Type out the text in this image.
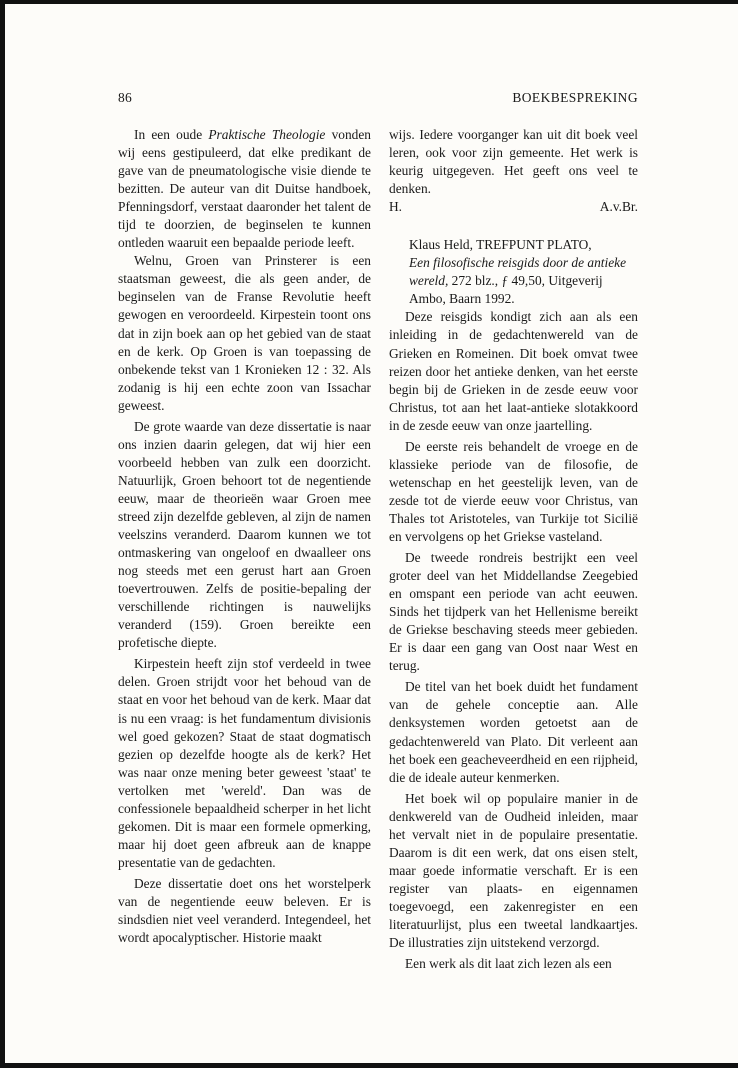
86	BOEKBESPREKING

In een oude Praktische Theologie vonden wij eens gestipuleerd, dat elke predikant de gave van de pneumatologische visie diende te bezitten. De auteur van dit Duitse handboek, Pfenningsdorf, verstaat daaronder het talent de tijd te doorzien, de beginselen te kunnen ontleden waaruit een bepaalde periode leeft.

Welnu, Groen van Prinsterer is een staatsman geweest, die als geen ander, de beginselen van de Franse Revolutie heeft gewogen en veroordeeld. Kirpestein toont ons dat in zijn boek aan op het gebied van de staat en de kerk. Op Groen is van toepassing de onbekende tekst van 1 Kronieken 12 : 32. Als zodanig is hij een echte zoon van Issachar geweest.

De grote waarde van deze dissertatie is naar ons inzien daarin gelegen, dat wij hier een voorbeeld hebben van zulk een doorzicht. Natuurlijk, Groen behoort tot de negentiende eeuw, maar de theorieën waar Groen mee streed zijn dezelfde gebleven, al zijn de namen veelszins veranderd. Daarom kunnen we tot ontmaskering van ongeloof en dwaalleer ons nog steeds met een gerust hart aan Groen toevertrouwen. Zelfs de positie-bepaling der verschillende richtingen is nauwelijks veranderd (159). Groen bereikte een profetische diepte.

Kirpestein heeft zijn stof verdeeld in twee delen. Groen strijdt voor het behoud van de staat en voor het behoud van de kerk. Maar dat is nu een vraag: is het fundamentum divisionis wel goed gekozen? Staat de staat dogmatisch gezien op dezelfde hoogte als de kerk? Het was naar onze mening beter geweest 'staat' te vertolken met 'wereld'. Dan was de confessionele bepaaldheid scherper in het licht gekomen. Dit is maar een formele opmerking, maar hij doet geen afbreuk aan de knappe presentatie van de gedachten.

Deze dissertatie doet ons het worstelperk van de negentiende eeuw beleven. Er is sindsdien niet veel veranderd. Integendeel, het wordt apocalyptischer. Historie maakt

wijs. Iedere voorganger kan uit dit boek veel leren, ook voor zijn gemeente. Het werk is keurig uitgegeven. Het geeft ons veel te denken.

H.	A.v.Br.

Klaus Held, TREFPUNT PLATO,

Een filosofische reisgids door de antieke wereld, 272 blz., ƒ 49,50, Uitgeverij Ambo, Baarn 1992.

Deze reisgids kondigt zich aan als een inleiding in de gedachtenwereld van de Grieken en Romeinen. Dit boek omvat twee reizen door het antieke denken, van het eerste begin bij de Grieken in de zesde eeuw voor Christus, tot aan het laat-antieke slotakkoord in de zesde eeuw van onze jaartelling.

De eerste reis behandelt de vroege en de klassieke periode van de filosofie, de wetenschap en het geestelijk leven, van de zesde tot de vierde eeuw voor Christus, van Thales tot Aristoteles, van Turkije tot Sicilië en vervolgens op het Griekse vasteland.

De tweede rondreis bestrijkt een veel groter deel van het Middellandse Zeegebied en omspant een periode van acht eeuwen. Sinds het tijdperk van het Hellenisme bereikt de Griekse beschaving steeds meer gebieden. Er is daar een gang van Oost naar West en terug.

De titel van het boek duidt het fundament van de gehele conceptie aan. Alle denksystemen worden getoetst aan de gedachtenwereld van Plato. Dit verleent aan het boek een geacheveerdheid en een rijpheid, die de ideale auteur kenmerken.

Het boek wil op populaire manier in de denkwereld van de Oudheid inleiden, maar het vervalt niet in de populaire presentatie. Daarom is dit een werk, dat ons eisen stelt, maar goede informatie verschaft. Er is een register van plaats- en eigennamen toegevoegd, een zakenregister en een literatuurlijst, plus een tweetal landkaartjes. De illustraties zijn uitstekend verzorgd.

Een werk als dit laat zich lezen als een
